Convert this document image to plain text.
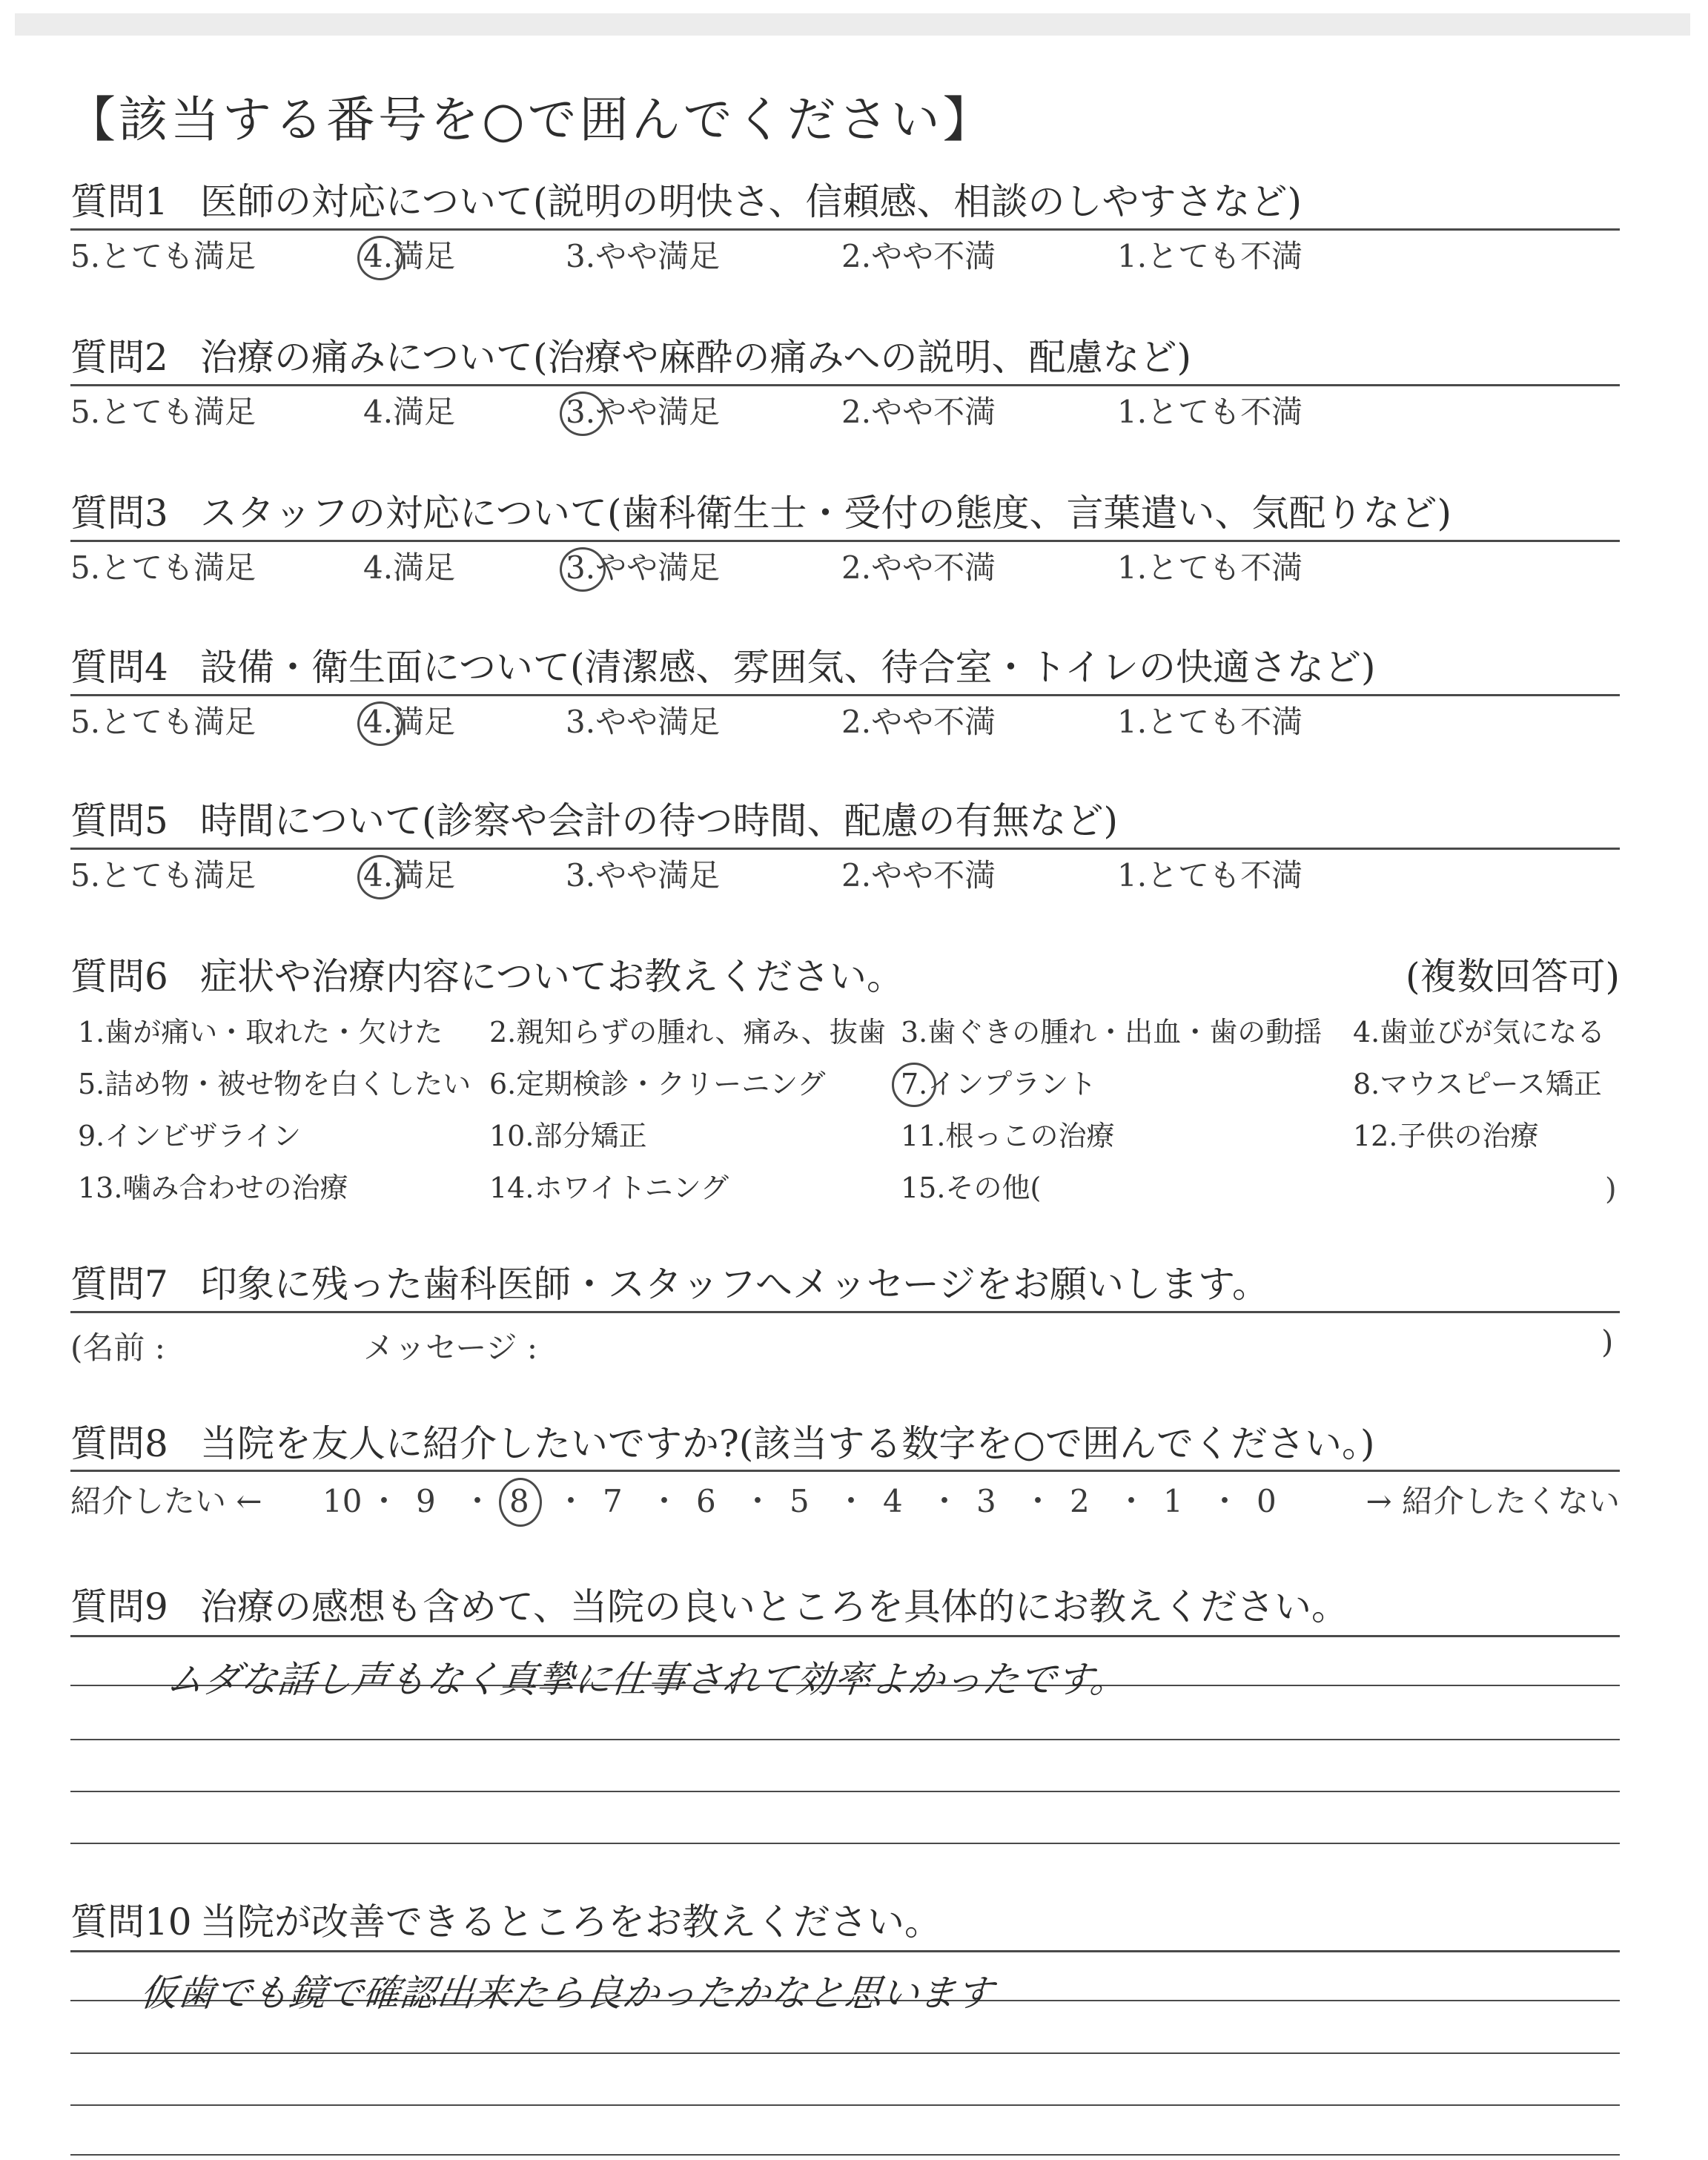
【該当する番号を○で囲んでください】
質問1 医師の対応について(説明の明快さ、信頼感、相談のしやすさなど)
5.とても満足	4.満足	3.やや満足	2.やや不満	1.とても不満
質問2 治療の痛みについて(治療や麻酔の痛みへの説明、配慮など)
5.とても満足	4.満足	3.やや満足	2.やや不満	1.とても不満
質問3 スタッフの対応について(歯科衛生士・受付の態度、言葉遣い、気配りなど)
5.とても満足	4.満足	3.やや満足	2.やや不満	1.とても不満
質問4 設備・衛生面について(清潔感、雰囲気、待合室・トイレの快適さなど)
5.とても満足	4.満足	3.やや満足	2.やや不満	1.とても不満
質問5 時間について(診察や会計の待つ時間、配慮の有無など)
5.とても満足	4.満足	3.やや満足	2.やや不満	1.とても不満
質問6 症状や治療内容についてお教えください。	(複数回答可)
1.歯が痛い・取れた・欠けた 2.親知らずの腫れ、痛み、抜歯 3.歯ぐきの腫れ・出血・歯の動揺 4.歯並びが気になる
5.詰め物・被せ物を白くしたい 6.定期検診・クリーニング	7.インプラント	8.マウスピース矯正
9.インビザライン	10.部分矯正	11.根っこの治療	12.子供の治療
13.噛み合わせの治療	14.ホワイトニング	15.その他(	)
質問7 印象に残った歯科医師・スタッフへメッセージをお願いします。
(名前 :	メッセージ :	)
質問8 当院を友人に紹介したいですか?(該当する数字を○で囲んでください。)
紹介したい ←	→ 紹介したくない
10 ・ 9 ・ 8 ・ 7 ・ 6 ・ 5 ・ 4 ・ 3 ・ 2 ・ 1 ・ 0
質問9 治療の感想も含めて、当院の良いところを具体的にお教えください。
ムダな話し声もなく真摯に仕事されて効率よかったです。
質問10 当院が改善できるところをお教えください。
仮歯でも鏡で確認出来たら良かったかなと思います
